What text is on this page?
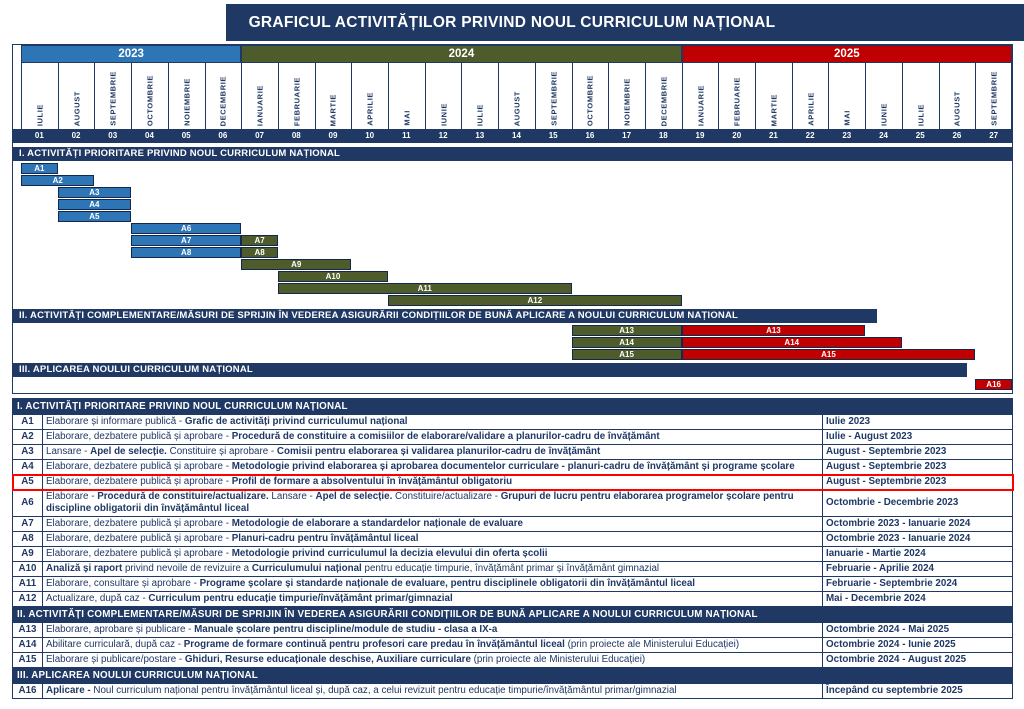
GRAFICUL ACTIVITĂȚILOR PRIVIND NOUL CURRICULUM NAȚIONAL
2023	2024	2025
IULIE	AUGUST	SEPTEMBRIE	OCTOMBRIE	NOIEMBRIE	DECEMBRIE	IANUARIE	FEBRUARIE	MARTIE	APRILIE	MAI	IUNIE	IULIE	AUGUST	SEPTEMBRIE	OCTOMBRIE	NOIEMBRIE	DECEMBRIE	IANUARIE	FEBRUARIE	MARTIE	APRILIE	MAI	IUNIE	IULIE	AUGUST	SEPTEMBRIE
01	02	03	04	05	06	07	08	09	10	11	12	13	14	15	16	17	18	19	20	21	22	23	24	25	26	27
I. ACTIVITĂȚI PRIORITARE PRIVIND NOUL CURRICULUM NAȚIONAL
A1
A2
A3
A4
A5
A6
A7	A7
A8	A8
A9
A10
A11
A12
II. ACTIVITĂȚI COMPLEMENTARE/MĂSURI DE SPRIJIN ÎN VEDEREA ASIGURĂRII CONDIȚIILOR DE BUNĂ APLICARE A NOULUI CURRICULUM NAȚIONAL
A13	A13
A14	A14
A15	A15
III. APLICAREA NOULUI CURRICULUM NAȚIONAL
A16
I. ACTIVITĂȚI PRIORITARE PRIVIND NOUL CURRICULUM NAȚIONAL		
A1	Elaborare și informare publică - Grafic de activități privind curriculumul național	Iulie 2023
A2	Elaborare, dezbatere publică și aprobare - Procedură de constituire a comisiilor de elaborare/validare a planurilor-cadru de învățământ	Iulie - August 2023
A3	Lansare - Apel de selecție. Constituire și aprobare - Comisii pentru elaborarea și validarea planurilor-cadru de învățământ	August - Septembrie 2023
A4	Elaborare, dezbatere publică și aprobare - Metodologie privind elaborarea și aprobarea documentelor curriculare - planuri-cadru de învățământ și programe școlare	August - Septembrie 2023
A5	Elaborare, dezbatere publică și aprobare - Profil de formare a absolventului în învățământul obligatoriu	August - Septembrie 2023
A6	Elaborare - Procedură de constituire/actualizare. Lansare - Apel de selecție. Constituire/actualizare - Grupuri de lucru pentru elaborarea programelor școlare pentru discipline obligatorii din învățământul liceal	Octombrie - Decembrie 2023
A7	Elaborare, dezbatere publică și aprobare - Metodologie de elaborare a standardelor naționale de evaluare	Octombrie 2023 - Ianuarie 2024
A8	Elaborare, dezbatere publică și aprobare - Planuri-cadru pentru învățământul liceal	Octombrie 2023 - Ianuarie 2024
A9	Elaborare, dezbatere publică și aprobare - Metodologie privind curriculumul la decizia elevului din oferta școlii	Ianuarie - Martie 2024
A10	Analiză și raport privind nevoile de revizuire a Curriculumului național pentru educație timpurie, învățământ primar și învățământ gimnazial	Februarie - Aprilie 2024
A11	Elaborare, consultare și aprobare - Programe școlare și standarde naționale de evaluare, pentru disciplinele obligatorii din învățământul liceal	Februarie - Septembrie 2024
A12	Actualizare, după caz - Curriculum pentru educație timpurie/învățământ primar/gimnazial	Mai - Decembrie 2024
II. ACTIVITĂȚI COMPLEMENTARE/MĂSURI DE SPRIJIN ÎN VEDEREA ASIGURĂRII CONDIȚIILOR DE BUNĂ APLICARE A NOULUI CURRICULUM NAȚIONAL		
A13	Elaborare, aprobare și publicare - Manuale școlare pentru discipline/module de studiu - clasa a IX-a	Octombrie 2024 - Mai 2025
A14	Abilitare curriculară, după caz - Programe de formare continuă pentru profesori care predau în învățământul liceal (prin proiecte ale Ministerului Educației)	Octombrie 2024 - Iunie 2025
A15	Elaborare și publicare/postare - Ghiduri, Resurse educaționale deschise, Auxiliare curriculare (prin proiecte ale Ministerului Educației)	Octombrie 2024 - August 2025
III. APLICAREA NOULUI CURRICULUM NAȚIONAL		
A16	Aplicare - Noul curriculum național pentru învățământul liceal și, după caz, a celui revizuit pentru educație timpurie/învățământul primar/gimnazial	Începând cu septembrie 2025
